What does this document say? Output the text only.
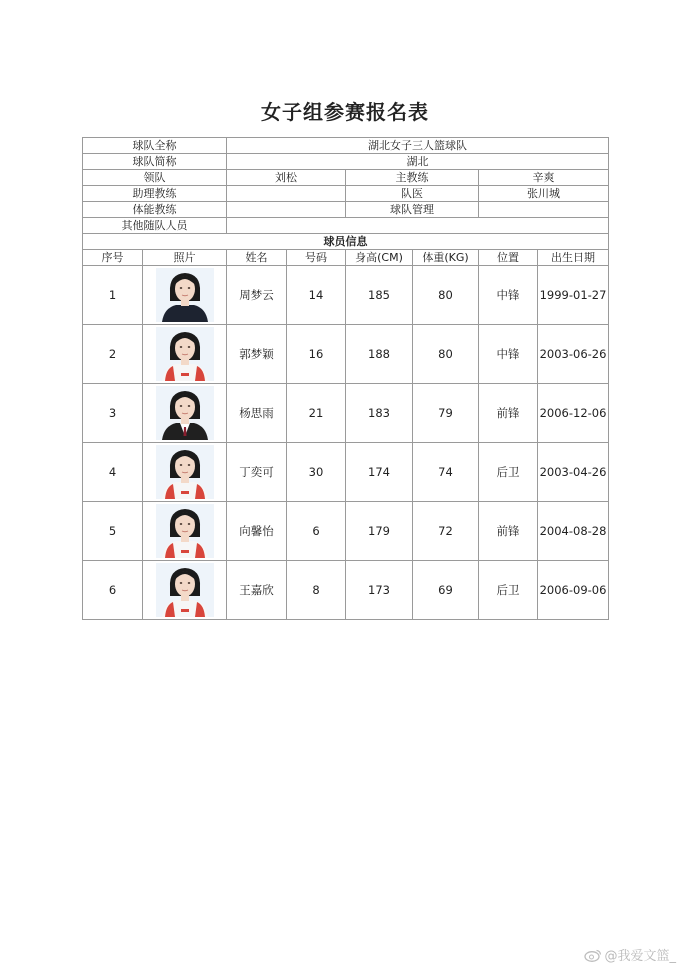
女子组参赛报名表
球队全称		湖北女子三人篮球队					
球队简称		湖北					
领队		刘松		主教练		辛爽	
助理教练				队医		张川城	
体能教练				球队管理			
其他随队人员							
球员信息							
序号	照片	姓名	号码	身高(CM)	体重(KG)	位置	出生日期
1		周梦云	14	185	80	中锋	1999-01-27
2		郭梦颖	16	188	80	中锋	2003-06-26
3		杨思雨	21	183	79	前锋	2006-12-06
4		丁奕可	30	174	74	后卫	2003-04-26
5		向馨怡	6	179	72	前锋	2004-08-28
6		王嘉欣	8	173	69	后卫	2006-09-06
@我爱文篮_
